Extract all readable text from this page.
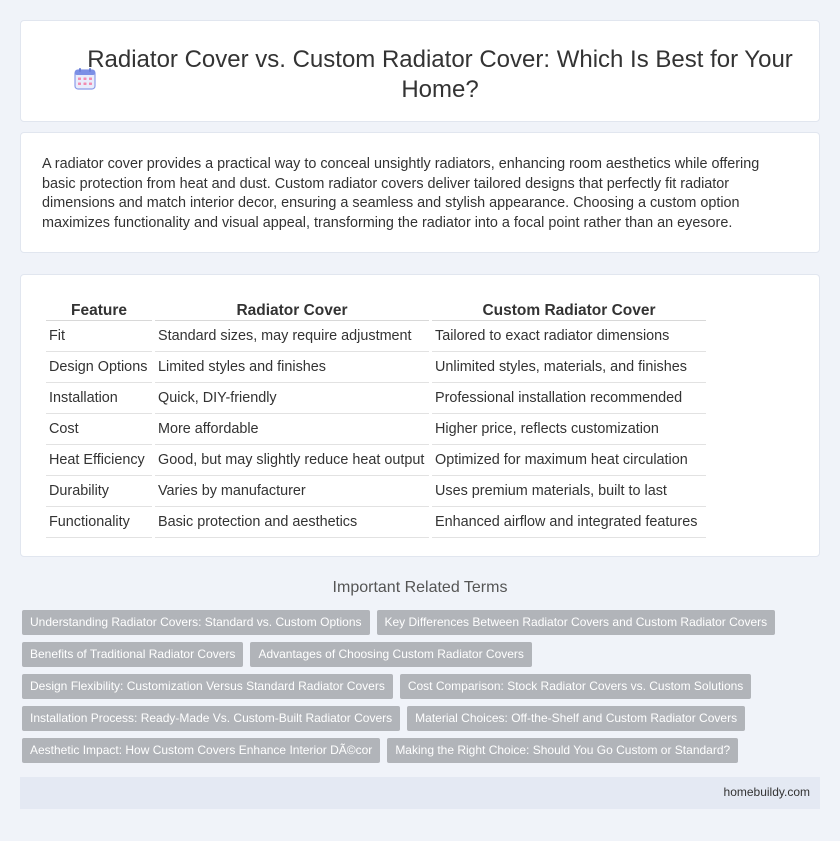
Radiator Cover vs. Custom Radiator Cover: Which Is Best for Your Home?

A radiator cover provides a practical way to conceal unsightly radiators, enhancing room aesthetics while offering basic protection from heat and dust. Custom radiator covers deliver tailored designs that perfectly fit radiator dimensions and match interior decor, ensuring a seamless and stylish appearance. Choosing a custom option maximizes functionality and visual appeal, transforming the radiator into a focal point rather than an eyesore.

Feature	Radiator Cover	Custom Radiator Cover
Fit	Standard sizes, may require adjustment	Tailored to exact radiator dimensions
Design Options	Limited styles and finishes	Unlimited styles, materials, and finishes
Installation	Quick, DIY-friendly	Professional installation recommended
Cost	More affordable	Higher price, reflects customization
Heat Efficiency	Good, but may slightly reduce heat output	Optimized for maximum heat circulation
Durability	Varies by manufacturer	Uses premium materials, built to last
Functionality	Basic protection and aesthetics	Enhanced airflow and integrated features
Important Related Terms
Understanding Radiator Covers: Standard vs. Custom Options	Key Differences Between Radiator Covers and Custom Radiator Covers
Benefits of Traditional Radiator Covers	Advantages of Choosing Custom Radiator Covers
Design Flexibility: Customization Versus Standard Radiator Covers	Cost Comparison: Stock Radiator Covers vs. Custom Solutions
Installation Process: Ready-Made Vs. Custom-Built Radiator Covers	Material Choices: Off-the-Shelf and Custom Radiator Covers
Aesthetic Impact: How Custom Covers Enhance Interior DÃ©cor	Making the Right Choice: Should You Go Custom or Standard?
homebuildy.com
